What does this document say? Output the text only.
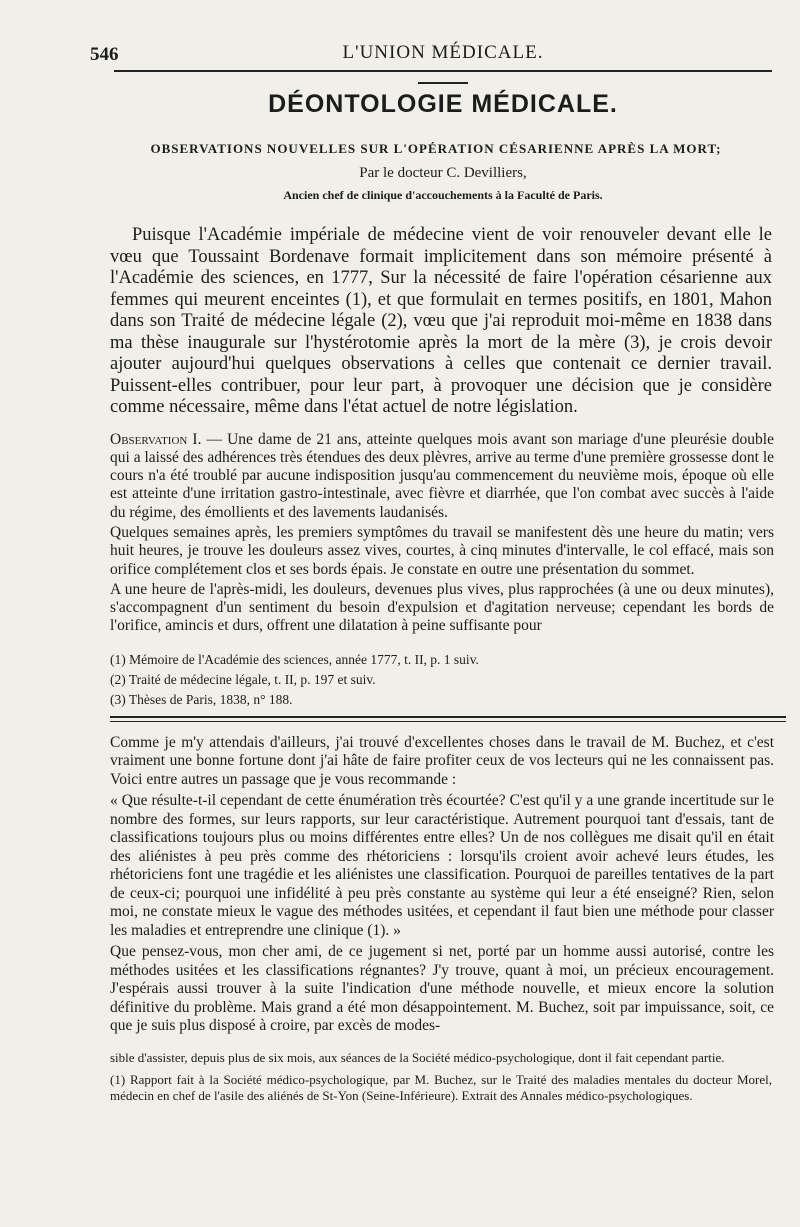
546	L'UNION MÉDICALE.
DÉONTOLOGIE MÉDICALE.
OBSERVATIONS NOUVELLES SUR L'OPÉRATION CÉSARIENNE APRÈS LA MORT;
Par le docteur C. Devilliers,
Ancien chef de clinique d'accouchements à la Faculté de Paris.

Puisque l'Académie impériale de médecine vient de voir renouveler devant elle le vœu que Toussaint Bordenave formait implicitement dans son mémoire présenté à l'Académie des sciences, en 1777, Sur la nécessité de faire l'opération césarienne aux femmes qui meurent enceintes (1), et que formulait en termes positifs, en 1801, Mahon dans son Traité de médecine légale (2), vœu que j'ai reproduit moi-même en 1838 dans ma thèse inaugurale sur l'hystérotomie après la mort de la mère (3), je crois devoir ajouter aujourd'hui quelques observations à celles que contenait ce dernier travail. Puissent-elles contribuer, pour leur part, à provoquer une décision que je considère comme nécessaire, même dans l'état actuel de notre législation.

Observation I. — Une dame de 21 ans, atteinte quelques mois avant son mariage d'une pleurésie double qui a laissé des adhérences très étendues des deux plèvres, arrive au terme d'une première grossesse dont le cours n'a été troublé par aucune indisposition jusqu'au commencement du neuvième mois, époque où elle est atteinte d'une irritation gastro-intestinale, avec fièvre et diarrhée, que l'on combat avec succès à l'aide du régime, des émollients et des lavements laudanisés.

Quelques semaines après, les premiers symptômes du travail se manifestent dès une heure du matin; vers huit heures, je trouve les douleurs assez vives, courtes, à cinq minutes d'intervalle, le col effacé, mais son orifice complétement clos et ses bords épais. Je constate en outre une présentation du sommet.

A une heure de l'après-midi, les douleurs, devenues plus vives, plus rapprochées (à une ou deux minutes), s'accompagnent d'un sentiment du besoin d'expulsion et d'agitation nerveuse; cependant les bords de l'orifice, amincis et durs, offrent une dilatation à peine suffisante pour

(1) Mémoire de l'Académie des sciences, année 1777, t. II, p. 1 suiv.
(2) Traité de médecine légale, t. II, p. 197 et suiv.
(3) Thèses de Paris, 1838, n° 188.

Comme je m'y attendais d'ailleurs, j'ai trouvé d'excellentes choses dans le travail de M. Buchez, et c'est vraiment une bonne fortune dont j'ai hâte de faire profiter ceux de vos lecteurs qui ne les connaissent pas. Voici entre autres un passage que je vous recommande :

« Que résulte-t-il cependant de cette énumération très écourtée? C'est qu'il y a une grande incertitude sur le nombre des formes, sur leurs rapports, sur leur caractéristique. Autrement pourquoi tant d'essais, tant de classifications toujours plus ou moins différentes entre elles? Un de nos collègues me disait qu'il en était des aliénistes à peu près comme des rhétoriciens : lorsqu'ils croient avoir achevé leurs études, les rhétoriciens font une tragédie et les aliénistes une classification. Pourquoi de pareilles tentatives de la part de ceux-ci; pourquoi une infidélité à peu près constante au système qui leur a été enseigné? Rien, selon moi, ne constate mieux le vague des méthodes usitées, et cependant il faut bien une méthode pour classer les maladies et entreprendre une clinique (1). »

Que pensez-vous, mon cher ami, de ce jugement si net, porté par un homme aussi autorisé, contre les méthodes usitées et les classifications régnantes? J'y trouve, quant à moi, un précieux encouragement. J'espérais aussi trouver à la suite l'indication d'une méthode nouvelle, et mieux encore la solution définitive du problème. Mais grand a été mon désappointement. M. Buchez, soit par impuissance, soit, ce que je suis plus disposé à croire, par excès de modes-

sible d'assister, depuis plus de six mois, aux séances de la Société médico-psychologique, dont il fait cependant partie.

(1) Rapport fait à la Société médico-psychologique, par M. Buchez, sur le Traité des maladies mentales du docteur Morel, médecin en chef de l'asile des aliénés de St-Yon (Seine-Inférieure). Extrait des Annales médico-psychologiques.
